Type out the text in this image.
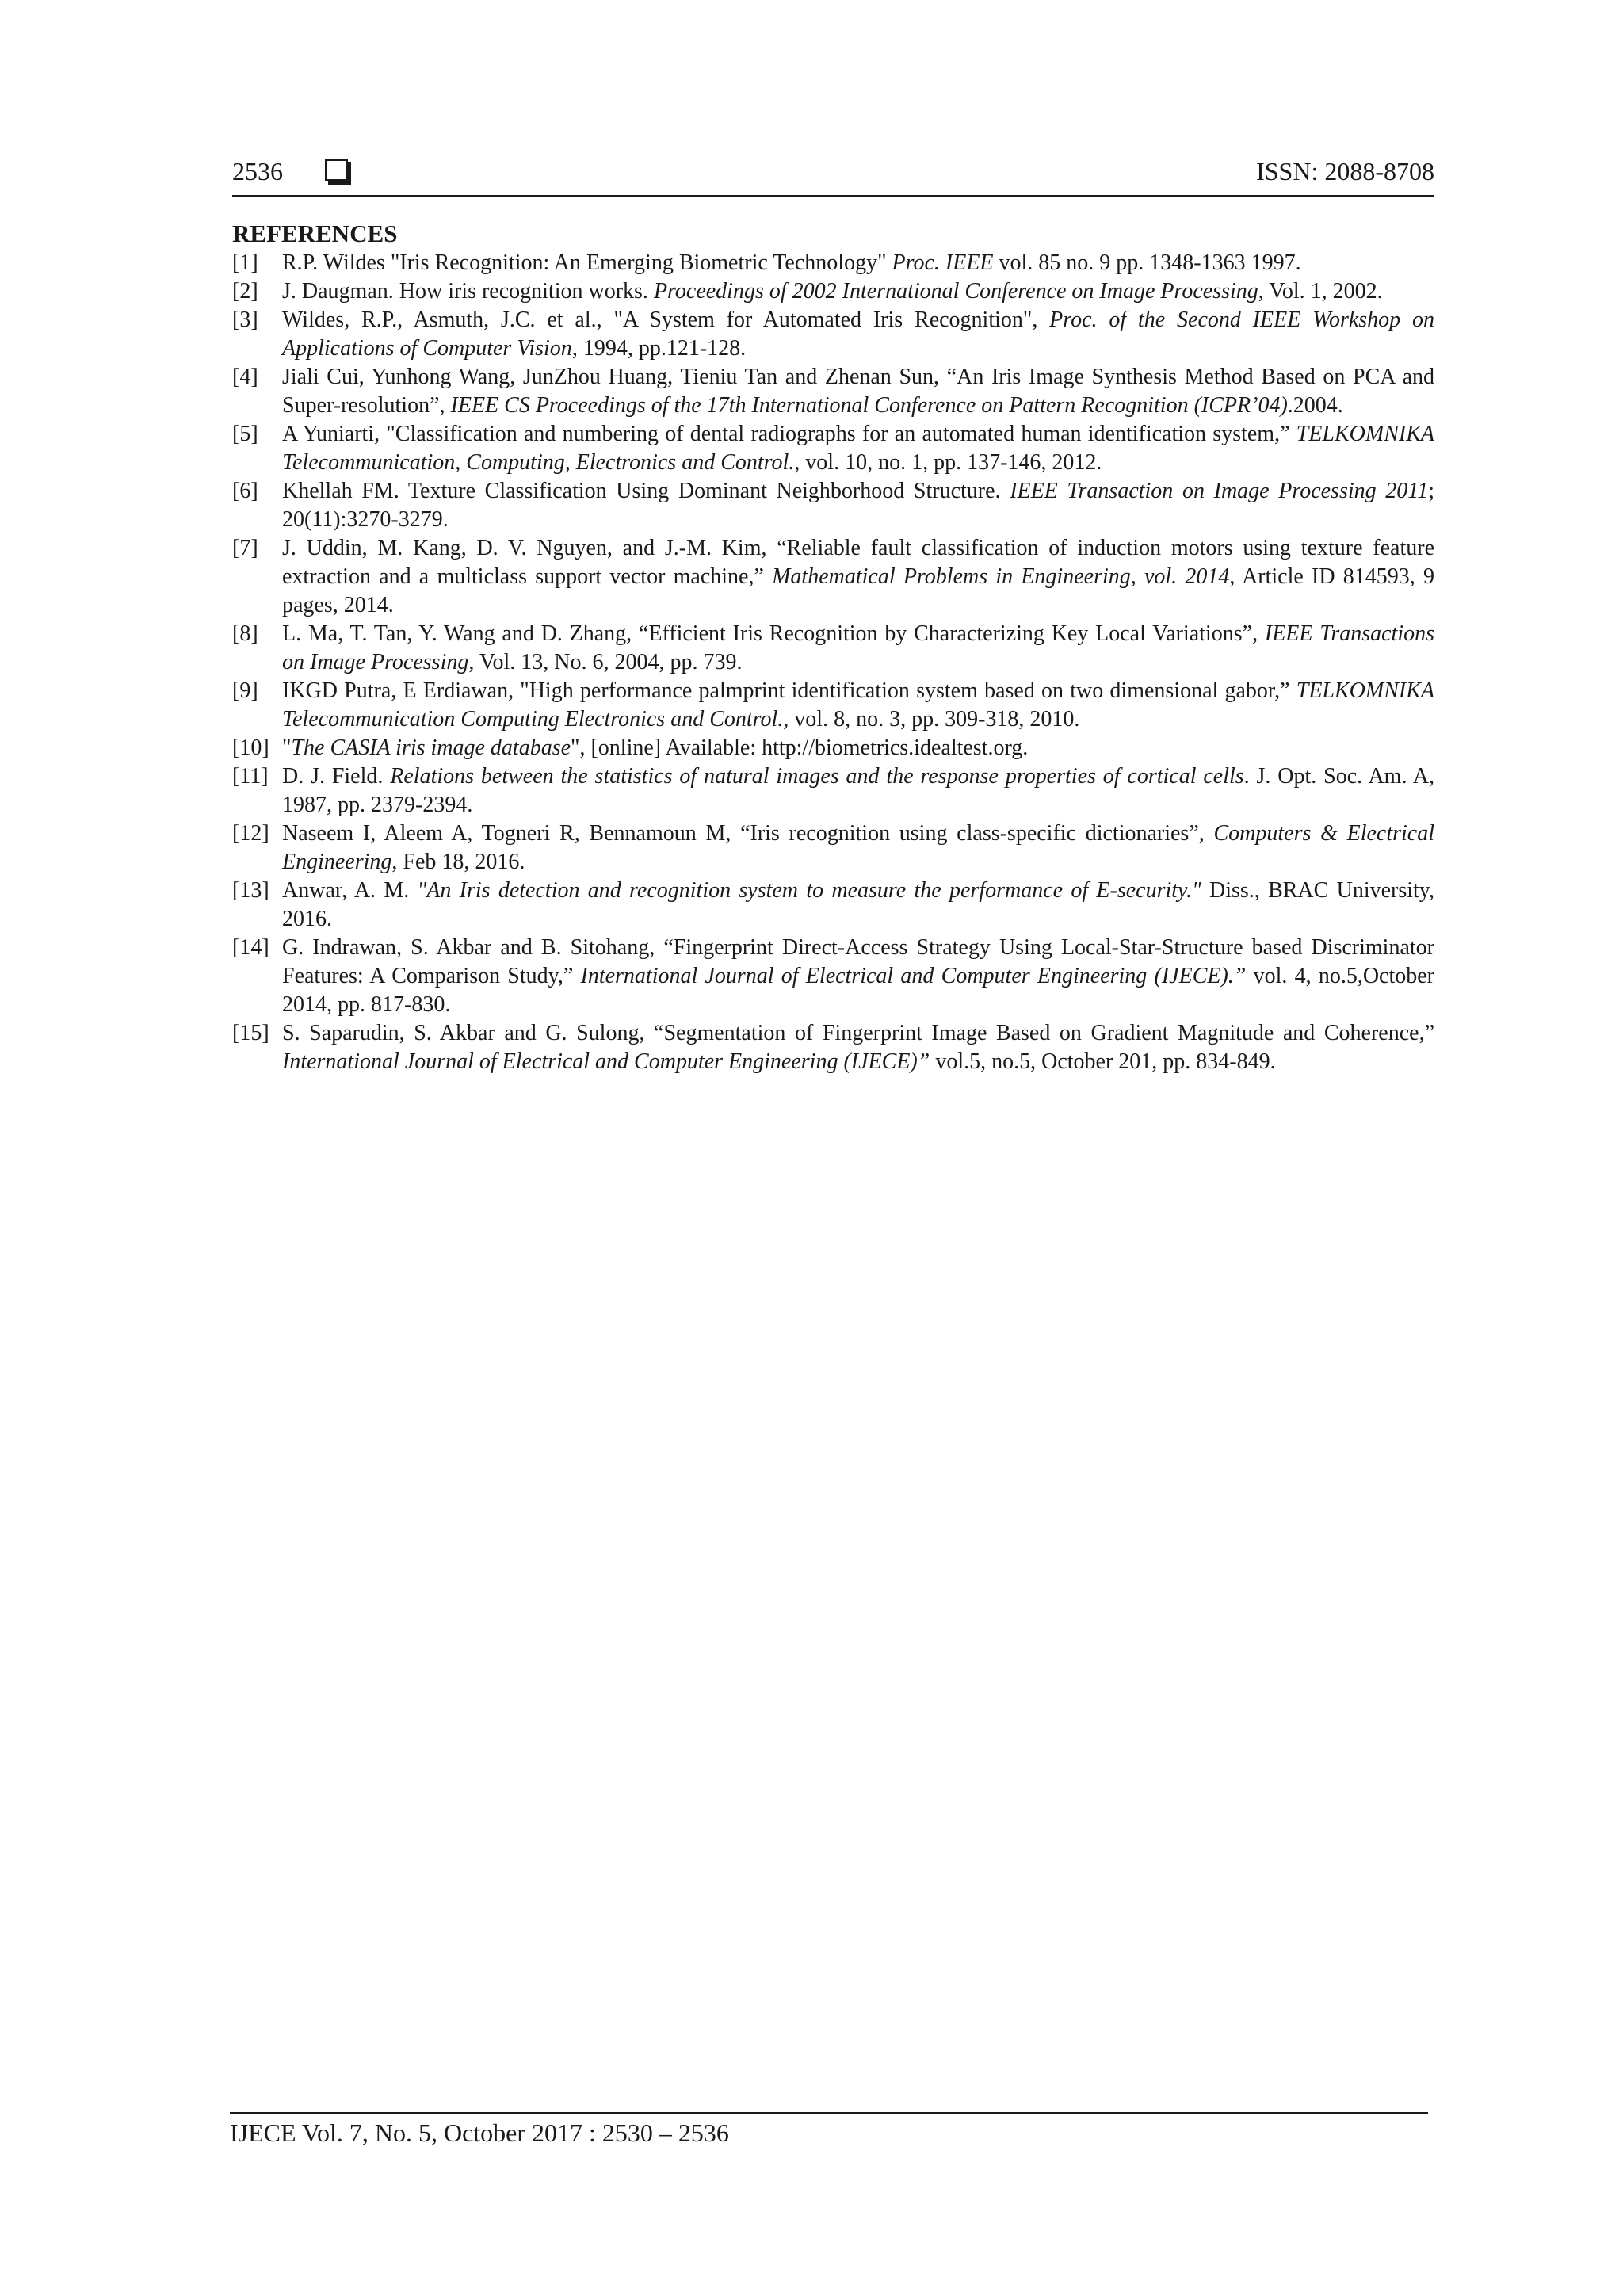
2536	ISSN: 2088-8708
REFERENCES
[1] R.P. Wildes "Iris Recognition: An Emerging Biometric Technology" Proc. IEEE vol. 85 no. 9 pp. 1348-1363 1997.
[2] J. Daugman. How iris recognition works. Proceedings of 2002 International Conference on Image Processing, Vol. 1, 2002.
[3] Wildes, R.P., Asmuth, J.C. et al., "A System for Automated Iris Recognition", Proc. of the Second IEEE Workshop on Applications of Computer Vision, 1994, pp.121-128.
[4] Jiali Cui, Yunhong Wang, JunZhou Huang, Tieniu Tan and Zhenan Sun, “An Iris Image Synthesis Method Based on PCA and Super-resolution”, IEEE CS Proceedings of the 17th International Conference on Pattern Recognition (ICPR’04).2004.
[5] A Yuniarti, "Classification and numbering of dental radiographs for an automated human identification system,” TELKOMNIKA Telecommunication, Computing, Electronics and Control., vol. 10, no. 1, pp. 137-146, 2012.
[6] Khellah FM. Texture Classification Using Dominant Neighborhood Structure. IEEE Transaction on Image Processing 2011; 20(11):3270-3279.
[7] J. Uddin, M. Kang, D. V. Nguyen, and J.-M. Kim, “Reliable fault classification of induction motors using texture feature extraction and a multiclass support vector machine,” Mathematical Problems in Engineering, vol. 2014, Article ID 814593, 9 pages, 2014.
[8] L. Ma, T. Tan, Y. Wang and D. Zhang, “Efficient Iris Recognition by Characterizing Key Local Variations”, IEEE Transactions on Image Processing, Vol. 13, No. 6, 2004, pp. 739.
[9] IKGD Putra, E Erdiawan, "High performance palmprint identification system based on two dimensional gabor,” TELKOMNIKA Telecommunication Computing Electronics and Control., vol. 8, no. 3, pp. 309-318, 2010.
[10] "The CASIA iris image database", [online] Available: http://biometrics.idealtest.org.
[11] D. J. Field. Relations between the statistics of natural images and the response properties of cortical cells. J. Opt. Soc. Am. A, 1987, pp. 2379-2394.
[12] Naseem I, Aleem A, Togneri R, Bennamoun M, “Iris recognition using class-specific dictionaries”, Computers & Electrical Engineering, Feb 18, 2016.
[13] Anwar, A. M. "An Iris detection and recognition system to measure the performance of E-security." Diss., BRAC University, 2016.
[14] G. Indrawan, S. Akbar and B. Sitohang, “Fingerprint Direct-Access Strategy Using Local-Star-Structure based Discriminator Features: A Comparison Study,” International Journal of Electrical and Computer Engineering (IJECE).” vol. 4, no.5,October 2014, pp. 817-830.
[15] S. Saparudin, S. Akbar and G. Sulong, “Segmentation of Fingerprint Image Based on Gradient Magnitude and Coherence,” International Journal of Electrical and Computer Engineering (IJECE)” vol.5, no.5, October 201, pp. 834-849.
IJECE Vol. 7, No. 5, October 2017 : 2530 – 2536
